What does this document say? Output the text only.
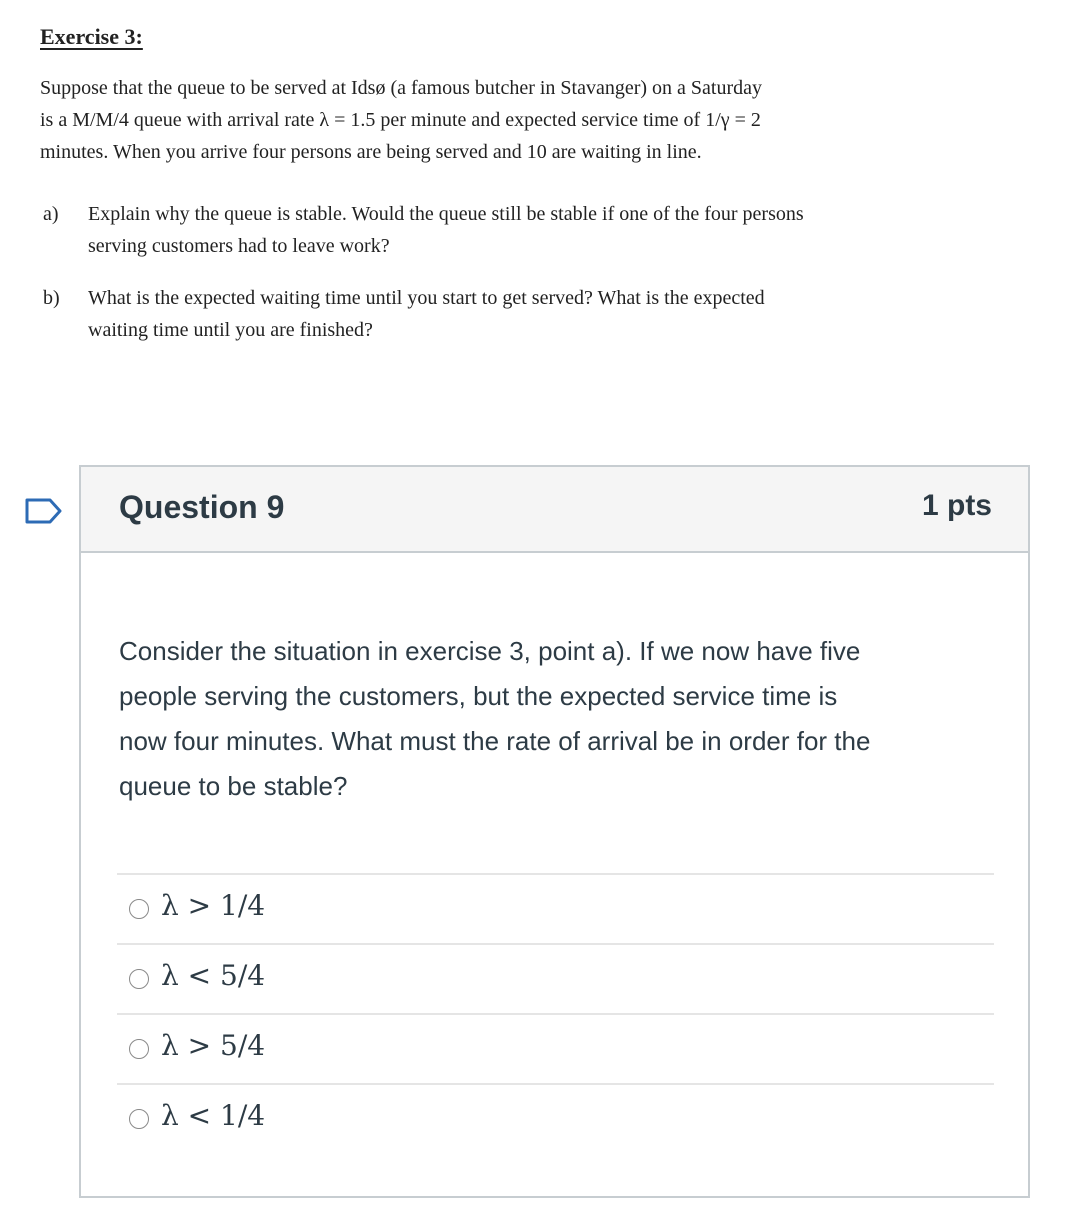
Exercise 3:
Suppose that the queue to be served at Idsø (a famous butcher in Stavanger) on a Saturday
is a M/M/4 queue with arrival rate λ = 1.5 per minute and expected service time of 1/γ = 2
minutes. When you arrive four persons are being served and 10 are waiting in line.
a) Explain why the queue is stable. Would the queue still be stable if one of the four persons
serving customers had to leave work?
b) What is the expected waiting time until you start to get served? What is the expected
waiting time until you are finished?
Question 9	1 pts
Consider the situation in exercise 3, point a). If we now have five
people serving the customers, but the expected service time is
now four minutes. What must the rate of arrival be in order for the
queue to be stable?
λ > 1/4
λ < 5/4
λ > 5/4
λ < 1/4
